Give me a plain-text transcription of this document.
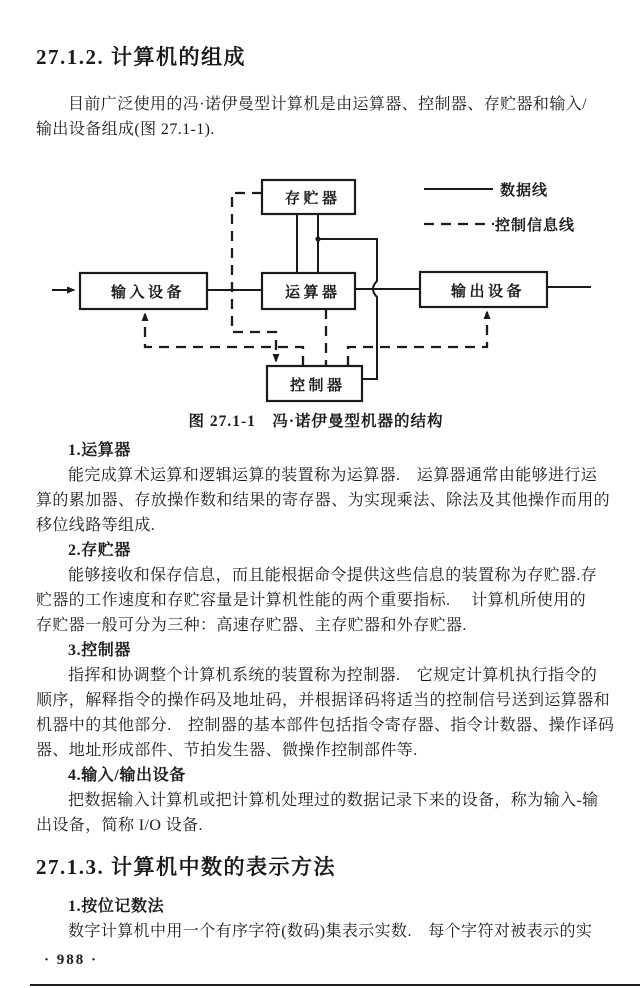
27.1.2. 计算机的组成
目前广泛使用的冯·诺伊曼型计算机是由运算器、控制器、存贮器和输入/
输出设备组成(图 27.1-1).
数据线
控制信息线
存贮器
输入设备	运算器	输出设备
控制器
图 27.1-1　冯·诺伊曼型机器的结构
1.运算器
能完成算术运算和逻辑运算的装置称为运算器.　运算器通常由能够进行运
算的累加器、存放操作数和结果的寄存器、为实现乘法、除法及其他操作而用的
移位线路等组成.
2.存贮器
能够接收和保存信息，而且能根据命令提供这些信息的装置称为存贮器.存
贮器的工作速度和存贮容量是计算机性能的两个重要指标.　 计算机所使用的
存贮器一般可分为三种：高速存贮器、主存贮器和外存贮器.
3.控制器
指挥和协调整个计算机系统的装置称为控制器.　它规定计算机执行指令的
顺序，解释指令的操作码及地址码，并根据译码将适当的控制信号送到运算器和
机器中的其他部分.　控制器的基本部件包括指令寄存器、指令计数器、操作译码
器、地址形成部件、节拍发生器、微操作控制部件等.
4.输入/输出设备
把数据输入计算机或把计算机处理过的数据记录下来的设备，称为输入-输
出设备，简称 I/O 设备.
27.1.3. 计算机中数的表示方法
1.按位记数法
数字计算机中用一个有序字符(数码)集表示实数.　每个字符对被表示的实
· 988 ·
